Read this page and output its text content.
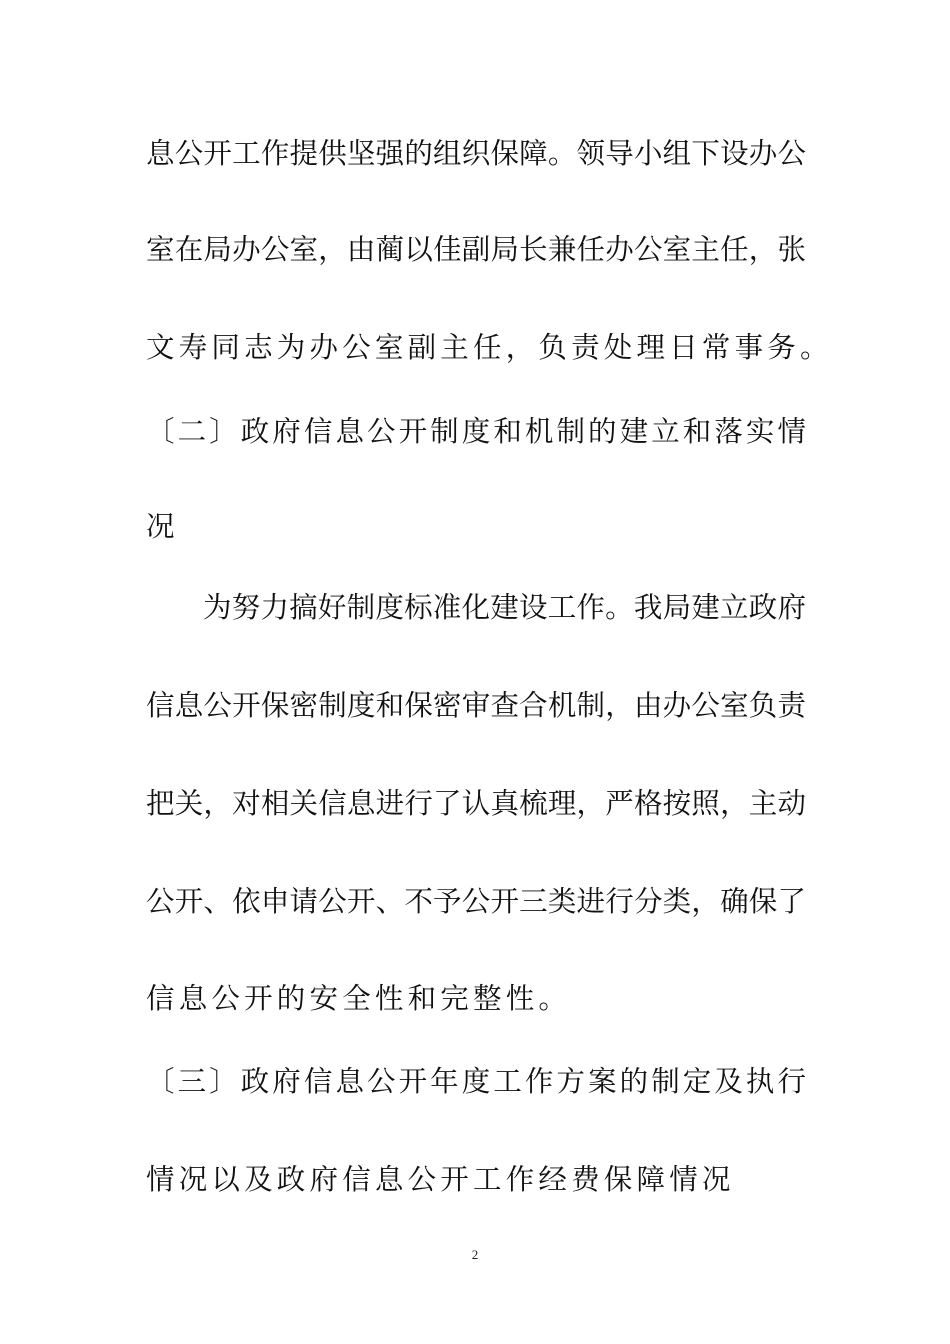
息公开工作提供坚强的组织保障。领导小组下设办公
室在局办公室，由蔺以佳副局长兼任办公室主任，张
文寿同志为办公室副主任，负责处理日常事务。
〔二〕政府信息公开制度和机制的建立和落实情
况
为努力搞好制度标准化建设工作。我局建立政府
信息公开保密制度和保密审查合机制，由办公室负责
把关，对相关信息进行了认真梳理，严格按照，主动
公开、依申请公开、不予公开三类进行分类，确保了
信息公开的安全性和完整性。
〔三〕政府信息公开年度工作方案的制定及执行
情况以及政府信息公开工作经费保障情况
2
